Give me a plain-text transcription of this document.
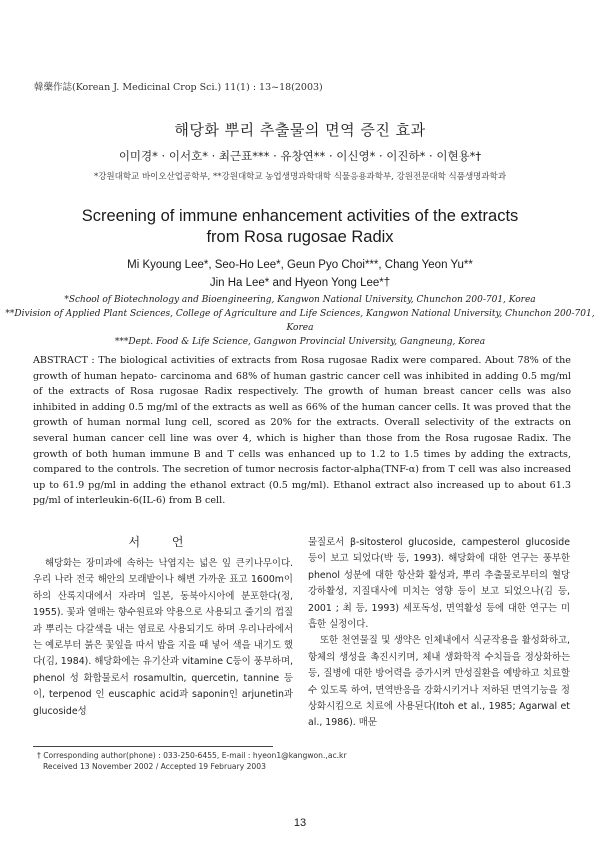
韓藥作誌(Korean J. Medicinal Crop Sci.) 11(1) : 13~18(2003)
해당화 뿌리 추출물의 면역 증진 효과
이미경* · 이서호* · 최근표*** · 유창연** · 이신영* · 이진하* · 이현용*†
*강원대학교 바이오산업공학부, **강원대학교 농업생명과학대학 식물응용과학부, 강원전문대학 식품생명과학과
Screening of immune enhancement activities of the extracts
from Rosa rugosae Radix
Mi Kyoung Lee*, Seo-Ho Lee*, Geun Pyo Choi***, Chang Yeon Yu**
Jin Ha Lee* and Hyeon Yong Lee*†
*School of Biotechnology and Bioengineering, Kangwon National University, Chunchon 200-701, Korea
**Division of Applied Plant Sciences, College of Agriculture and Life Sciences, Kangwon National University, Chunchon 200-701, Korea
***Dept. Food & Life Science, Gangwon Provincial University, Gangneung, Korea
ABSTRACT : The biological activities of extracts from Rosa rugosae Radix were compared. About 78% of the growth of human hepato- carcinoma and 68% of human gastric cancer cell was inhibited in adding 0.5 mg/ml of the extracts of Rosa rugosae Radix respectively. The growth of human breast cancer cells was also inhibited in adding 0.5 mg/ml of the extracts as well as 66% of the human cancer cells. It was proved that the growth of human normal lung cell, scored as 20% for the extracts. Overall selectivity of the extracts on several human cancer cell line was over 4, which is higher than those from the Rosa rugosae Radix. The growth of both human immune B and T cells was enhanced up to 1.2 to 1.5 times by adding the extracts, compared to the controls. The secretion of tumor necrosis factor-alpha(TNF-α) from T cell was also increased up to 61.9 pg/ml in adding the ethanol extract (0.5 mg/ml). Ethanol extract also increased up to about 61.3 pg/ml of interleukin-6(IL-6) from B cell.

서 언

해당화는 장미과에 속하는 낙엽지는 넓은 잎 큰키나무이다. 우리 나라 전국 해안의 모래밭이나 해변 가까운 표고 1600m이하의 산록지대에서 자라며 일본, 동북아시아에 분포한다(정, 1955). 꽃과 열매는 향수원료와 약용으로 사용되고 줄기의 껍질과 뿌리는 다갈색을 내는 염료로 사용되기도 하며 우리나라에서는 예로부터 붉은 꽃잎을 따서 밥을 지을 때 넣어 색을 내기도 했다(김, 1984). 해당화에는 유기산과 vitamine C등이 풍부하며, phenol 성 화합물로서 rosamultin, quercetin, tannine 등이, terpenod 인 euscaphic acid과 saponin인 arjunetin과 glucoside성

물질로서 β-sitosterol glucoside, campesterol glucoside 등이 보고 되었다(박 등, 1993). 해당화에 대한 연구는 풍부한 phenol 성분에 대한 항산화 활성과, 뿌리 추출물로부터의 혈당강하활성, 지질대사에 미치는 영향 등이 보고 되었으나(김 등, 2001 ; 최 등, 1993) 세포독성, 면역활성 등에 대한 연구는 미흡한 실정이다.

또한 천연물질 및 생약은 인체내에서 식균작용을 활성화하고, 항체의 생성을 촉진시키며, 체내 생화학적 수치들을 정상화하는 등, 질병에 대한 방어력을 증가시켜 만성질환을 예방하고 치료할 수 있도록 하여, 면역반응을 강화시키거나 저하된 면역기능을 정상화시킴으로 치료에 사용된다(Itoh et al., 1985; Agarwal et al., 1986). 매문

† Corresponding author(phone) : 033-250-6455, E-mail : hyeon1@kangwon.,ac.kr
Received 13 November 2002 / Accepted 19 February 2003
13
